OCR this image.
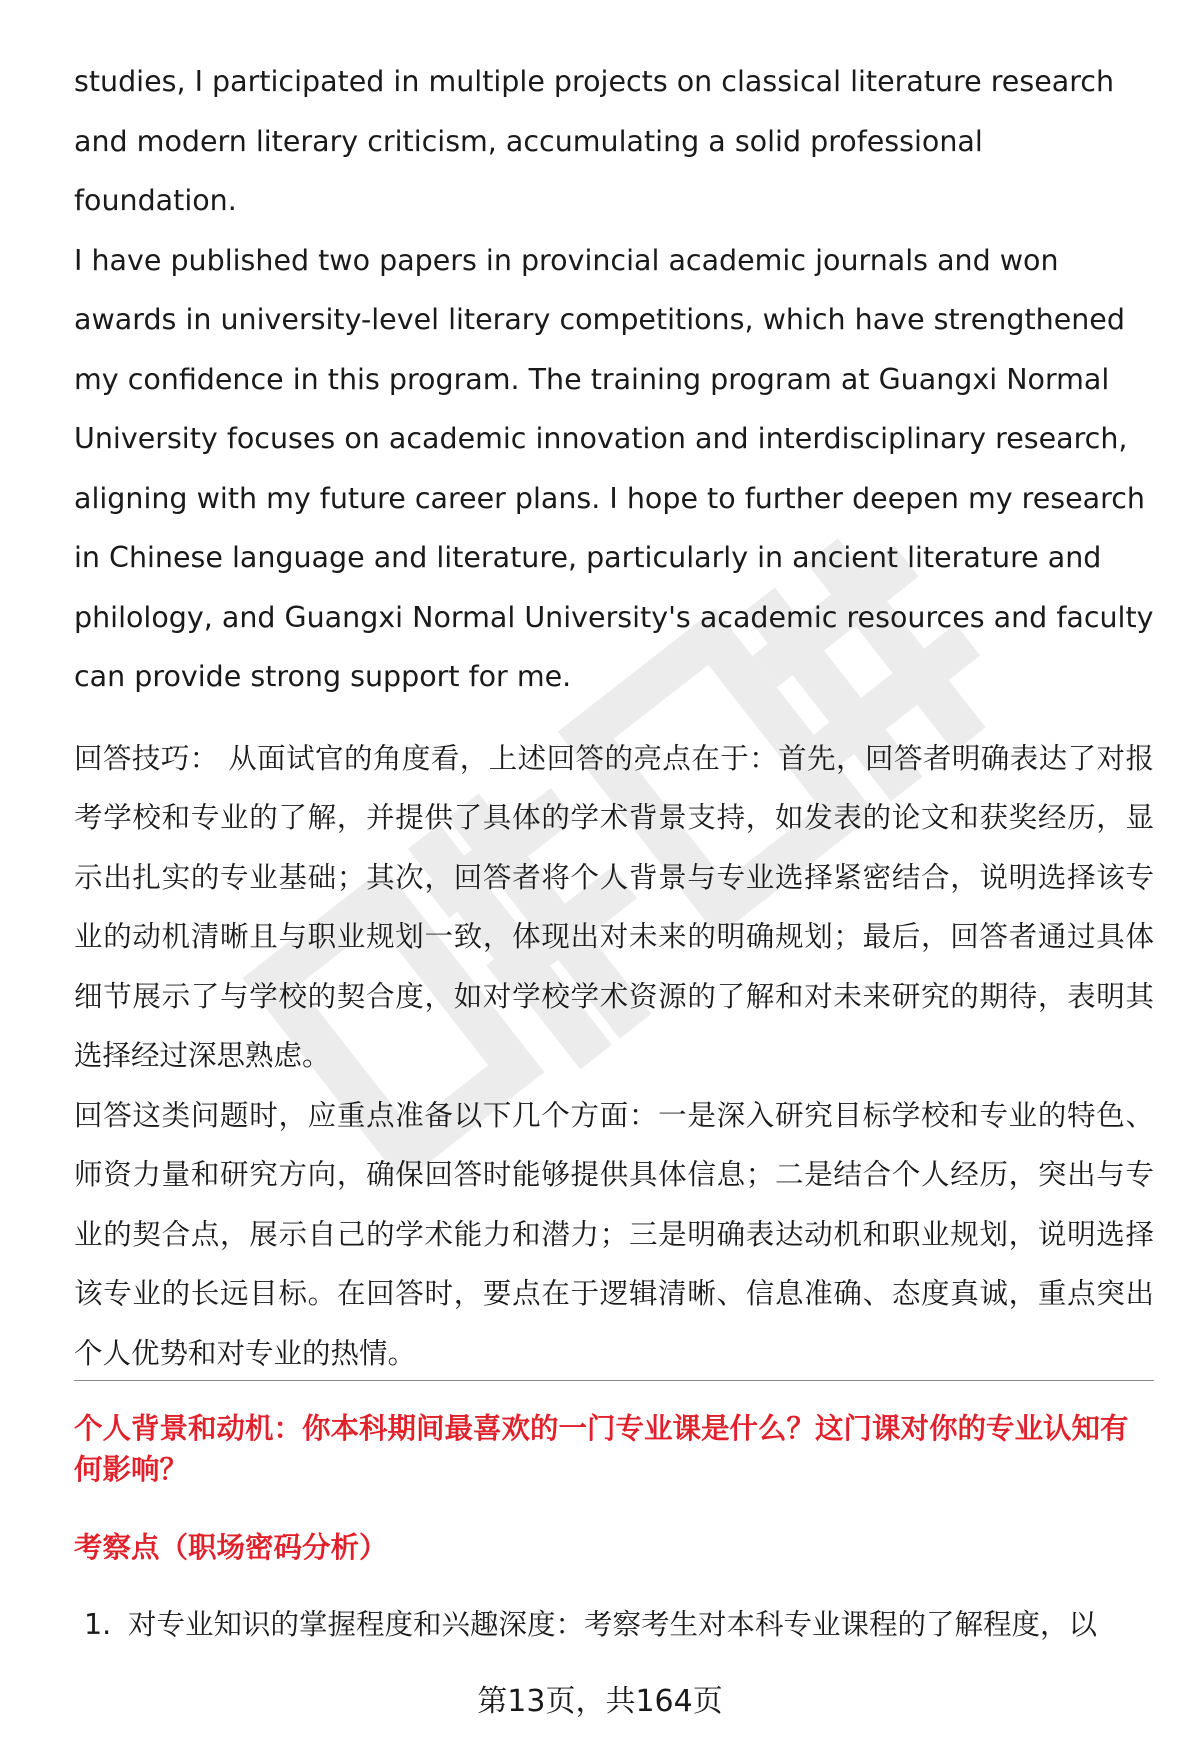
studies, I participated in multiple projects on classical literature research

and modern literary criticism, accumulating a solid professional foundation.

I have published two papers in provincial academic journals and won

awards in university-level literary competitions, which have strengthened

my confidence in this program. The training program at Guangxi Normal

University focuses on academic innovation and interdisciplinary research,

aligning with my future career plans. I hope to further deepen my research

in Chinese language and literature, particularly in ancient literature and

philology, and Guangxi Normal University's academic resources and faculty

can provide strong support for me.

回答技巧： 从面试官的角度看，上述回答的亮点在于：首先，回答者明确表达了对报考学校和专业的了解，并提供了具体的学术背景支持，如发表的论文和获奖经历，显示出扎实的专业基础；其次，回答者将个人背景与专业选择紧密结合，说明选择该专业的动机清晰且与职业规划一致，体现出对未来的明确规划；最后，回答者通过具体细节展示了与学校的契合度，如对学校学术资源的了解和对未来研究的期待，表明其选择经过深思熟虑。

回答这类问题时，应重点准备以下几个方面：一是深入研究目标学校和专业的特色、师资力量和研究方向，确保回答时能够提供具体信息；二是结合个人经历，突出与专业的契合点，展示自己的学术能力和潜力；三是明确表达动机和职业规划，说明选择该专业的长远目标。在回答时，要点在于逻辑清晰、信息准确、态度真诚，重点突出个人优势和对专业的热情。

个人背景和动机：你本科期间最喜欢的一门专业课是什么？这门课对你的专业认知有何影响？

考察点（职场密码分析）

1. 对专业知识的掌握程度和兴趣深度：考察考生对本科专业课程的了解程度，以
第13页，共164页
